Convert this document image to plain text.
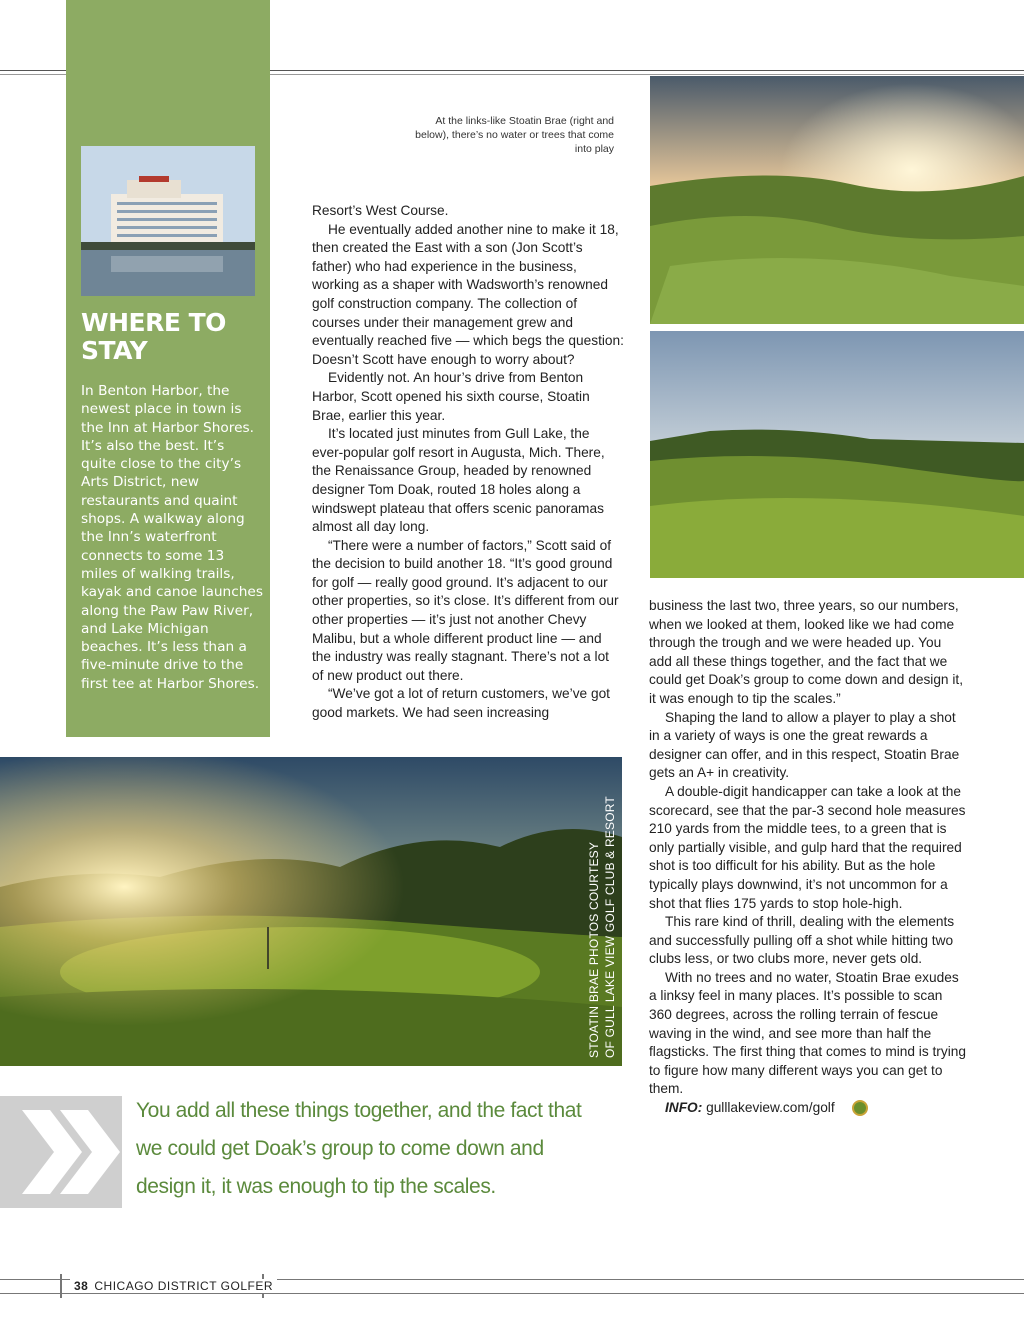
WHERE TO STAY
In Benton Harbor, the newest place in town is the Inn at Harbor Shores. It’s also the best. It’s quite close to the city’s Arts District, new restaurants and quaint shops. A walkway along the Inn’s waterfront connects to some 13 miles of walking trails, kayak and canoe launches along the Paw Paw River, and Lake Michigan beaches. It’s less than a five-minute drive to the first tee at Harbor Shores.
At the links-like Stoatin Brae (right and below), there’s no water or trees that come into play

Resort’s West Course.

He eventually added another nine to make it 18, then created the East with a son (Jon Scott’s father) who had experience in the business, working as a shaper with Wadsworth’s renowned golf construction company. The collection of courses under their management grew and eventually reached five — which begs the question: Doesn’t Scott have enough to worry about?

Evidently not. An hour’s drive from Benton Harbor, Scott opened his sixth course, Stoatin Brae, earlier this year.

It’s located just minutes from Gull Lake, the ever-popular golf resort in Augusta, Mich. There, the Renaissance Group, headed by renowned designer Tom Doak, routed 18 holes along a windswept plateau that offers scenic panoramas almost all day long.

“There were a number of factors,” Scott said of the decision to build another 18. “It’s good ground for golf — really good ground. It’s adjacent to our other properties, so it’s close. It’s different from our other properties — it’s just not another Chevy Malibu, but a whole different product line — and the industry was really stagnant. There’s not a lot of new product out there.

“We’ve got a lot of return customers, we’ve got good markets. We had seen increasing

business the last two, three years, so our numbers, when we looked at them, looked like we had come through the trough and we were headed up. You add all these things together, and the fact that we could get Doak’s group to come down and design it, it was enough to tip the scales.”

Shaping the land to allow a player to play a shot in a variety of ways is one the great rewards a designer can offer, and in this respect, Stoatin Brae gets an A+ in creativity.

A double-digit handicapper can take a look at the scorecard, see that the par-3 second hole measures 210 yards from the middle tees, to a green that is only partially visible, and gulp hard that the required shot is too difficult for his ability. But as the hole typically plays downwind, it’s not uncommon for a shot that flies 175 yards to stop hole-high.

This rare kind of thrill, dealing with the elements and successfully pulling off a shot while hitting two clubs less, or two clubs more, never gets old.

With no trees and no water, Stoatin Brae exudes a linksy feel in many places. It’s possible to scan 360 degrees, across the rolling terrain of fescue waving in the wind, and see more than half the flagsticks. The first thing that comes to mind is trying to figure how many different ways you can get to them.

INFO: gulllakeview.com/golf

STOATIN BRAE PHOTOS COURTESY OF GULL LAKE VIEW GOLF CLUB & RESORT
You add all these things together, and the fact that we could get Doak’s group to come down and design it, it was enough to tip the scales.
38 CHICAGO DISTRICT GOLFER
